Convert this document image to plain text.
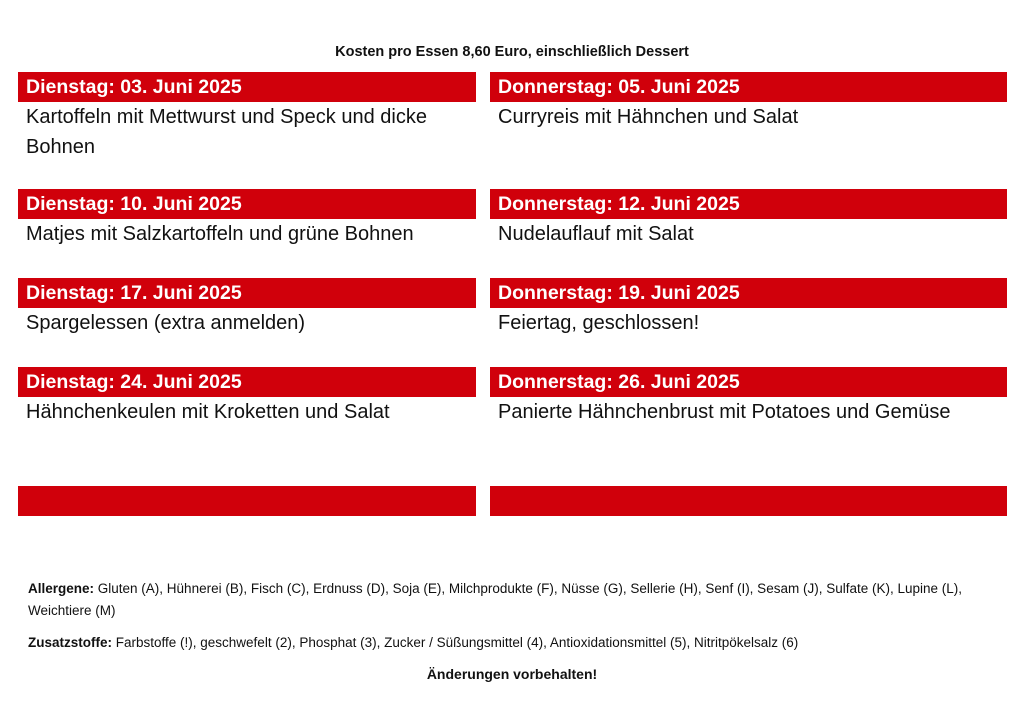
Kosten pro Essen 8,60 Euro, einschließlich Dessert
Dienstag: 03. Juni 2025
Kartoffeln mit Mettwurst und Speck und dicke Bohnen
Dienstag: 10. Juni 2025
Matjes mit Salzkartoffeln und grüne Bohnen
Dienstag: 17. Juni 2025
Spargelessen (extra anmelden)
Dienstag: 24. Juni 2025
Hähnchenkeulen mit Kroketten und Salat
Donnerstag: 05. Juni 2025
Curryreis mit Hähnchen und Salat
Donnerstag: 12. Juni 2025
Nudelauflauf mit Salat
Donnerstag: 19. Juni 2025
Feiertag, geschlossen!
Donnerstag: 26. Juni 2025
Panierte Hähnchenbrust mit Potatoes und Gemüse

Allergene: Gluten (A), Hühnerei (B), Fisch (C), Erdnuss (D), Soja (E), Milchprodukte (F), Nüsse (G), Sellerie (H), Senf (I), Sesam (J), Sulfate (K), Lupine (L), Weichtiere (M)

Zusatzstoffe: Farbstoffe (!), geschwefelt (2), Phosphat (3), Zucker / Süßungsmittel (4), Antioxidationsmittel (5), Nitritpökelsalz (6)

Änderungen vorbehalten!
